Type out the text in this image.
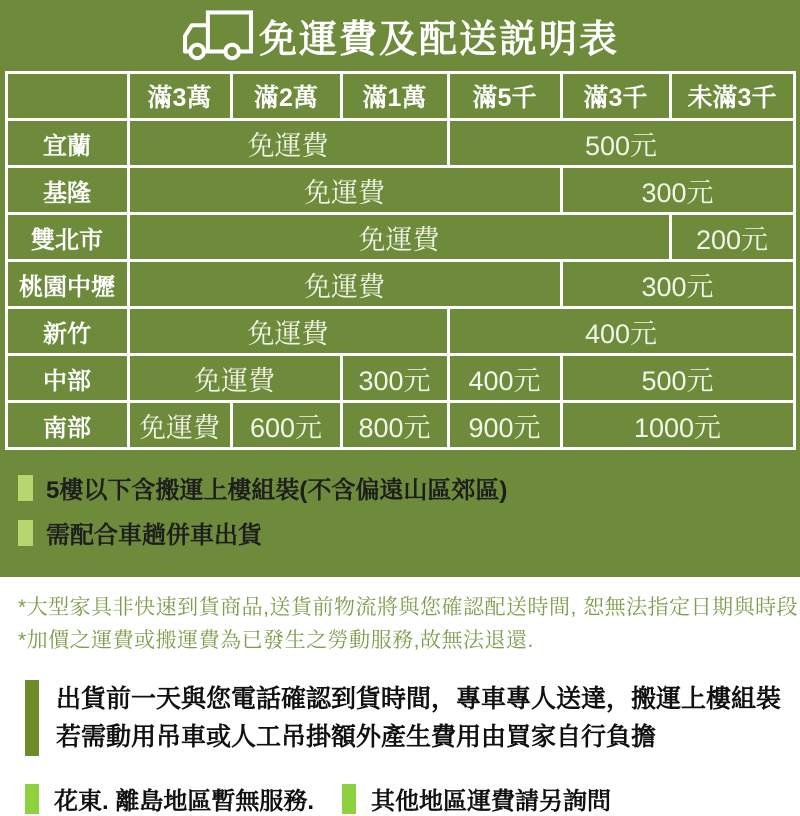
免運費及配送説明表
	滿3萬	滿2萬	滿1萬	滿5千	滿3千	未滿3千
宜蘭	免運費			500元		
基隆	免運費				300元	
雙北市	免運費					200元
桃園中壢	免運費				300元	
新竹	免運費			400元		
中部	免運費		300元	400元	500元	
南部	免運費	600元	800元	900元	1000元	
5樓以下含搬運上樓組裝(不含偏遠山區郊區)
需配合車趟併車出貨

*大型家具非快速到貨商品,送貨前物流將與您確認配送時間, 恕無法指定日期與時段

*加價之運費或搬運費為已發生之勞動服務,故無法退還.

出貨前一天與您電話確認到貨時間，專車專人送達，搬運上樓組裝
若需動用吊車或人工吊掛額外產生費用由買家自行負擔
花東. 離島地區暫無服務. 其他地區運費請另詢問
